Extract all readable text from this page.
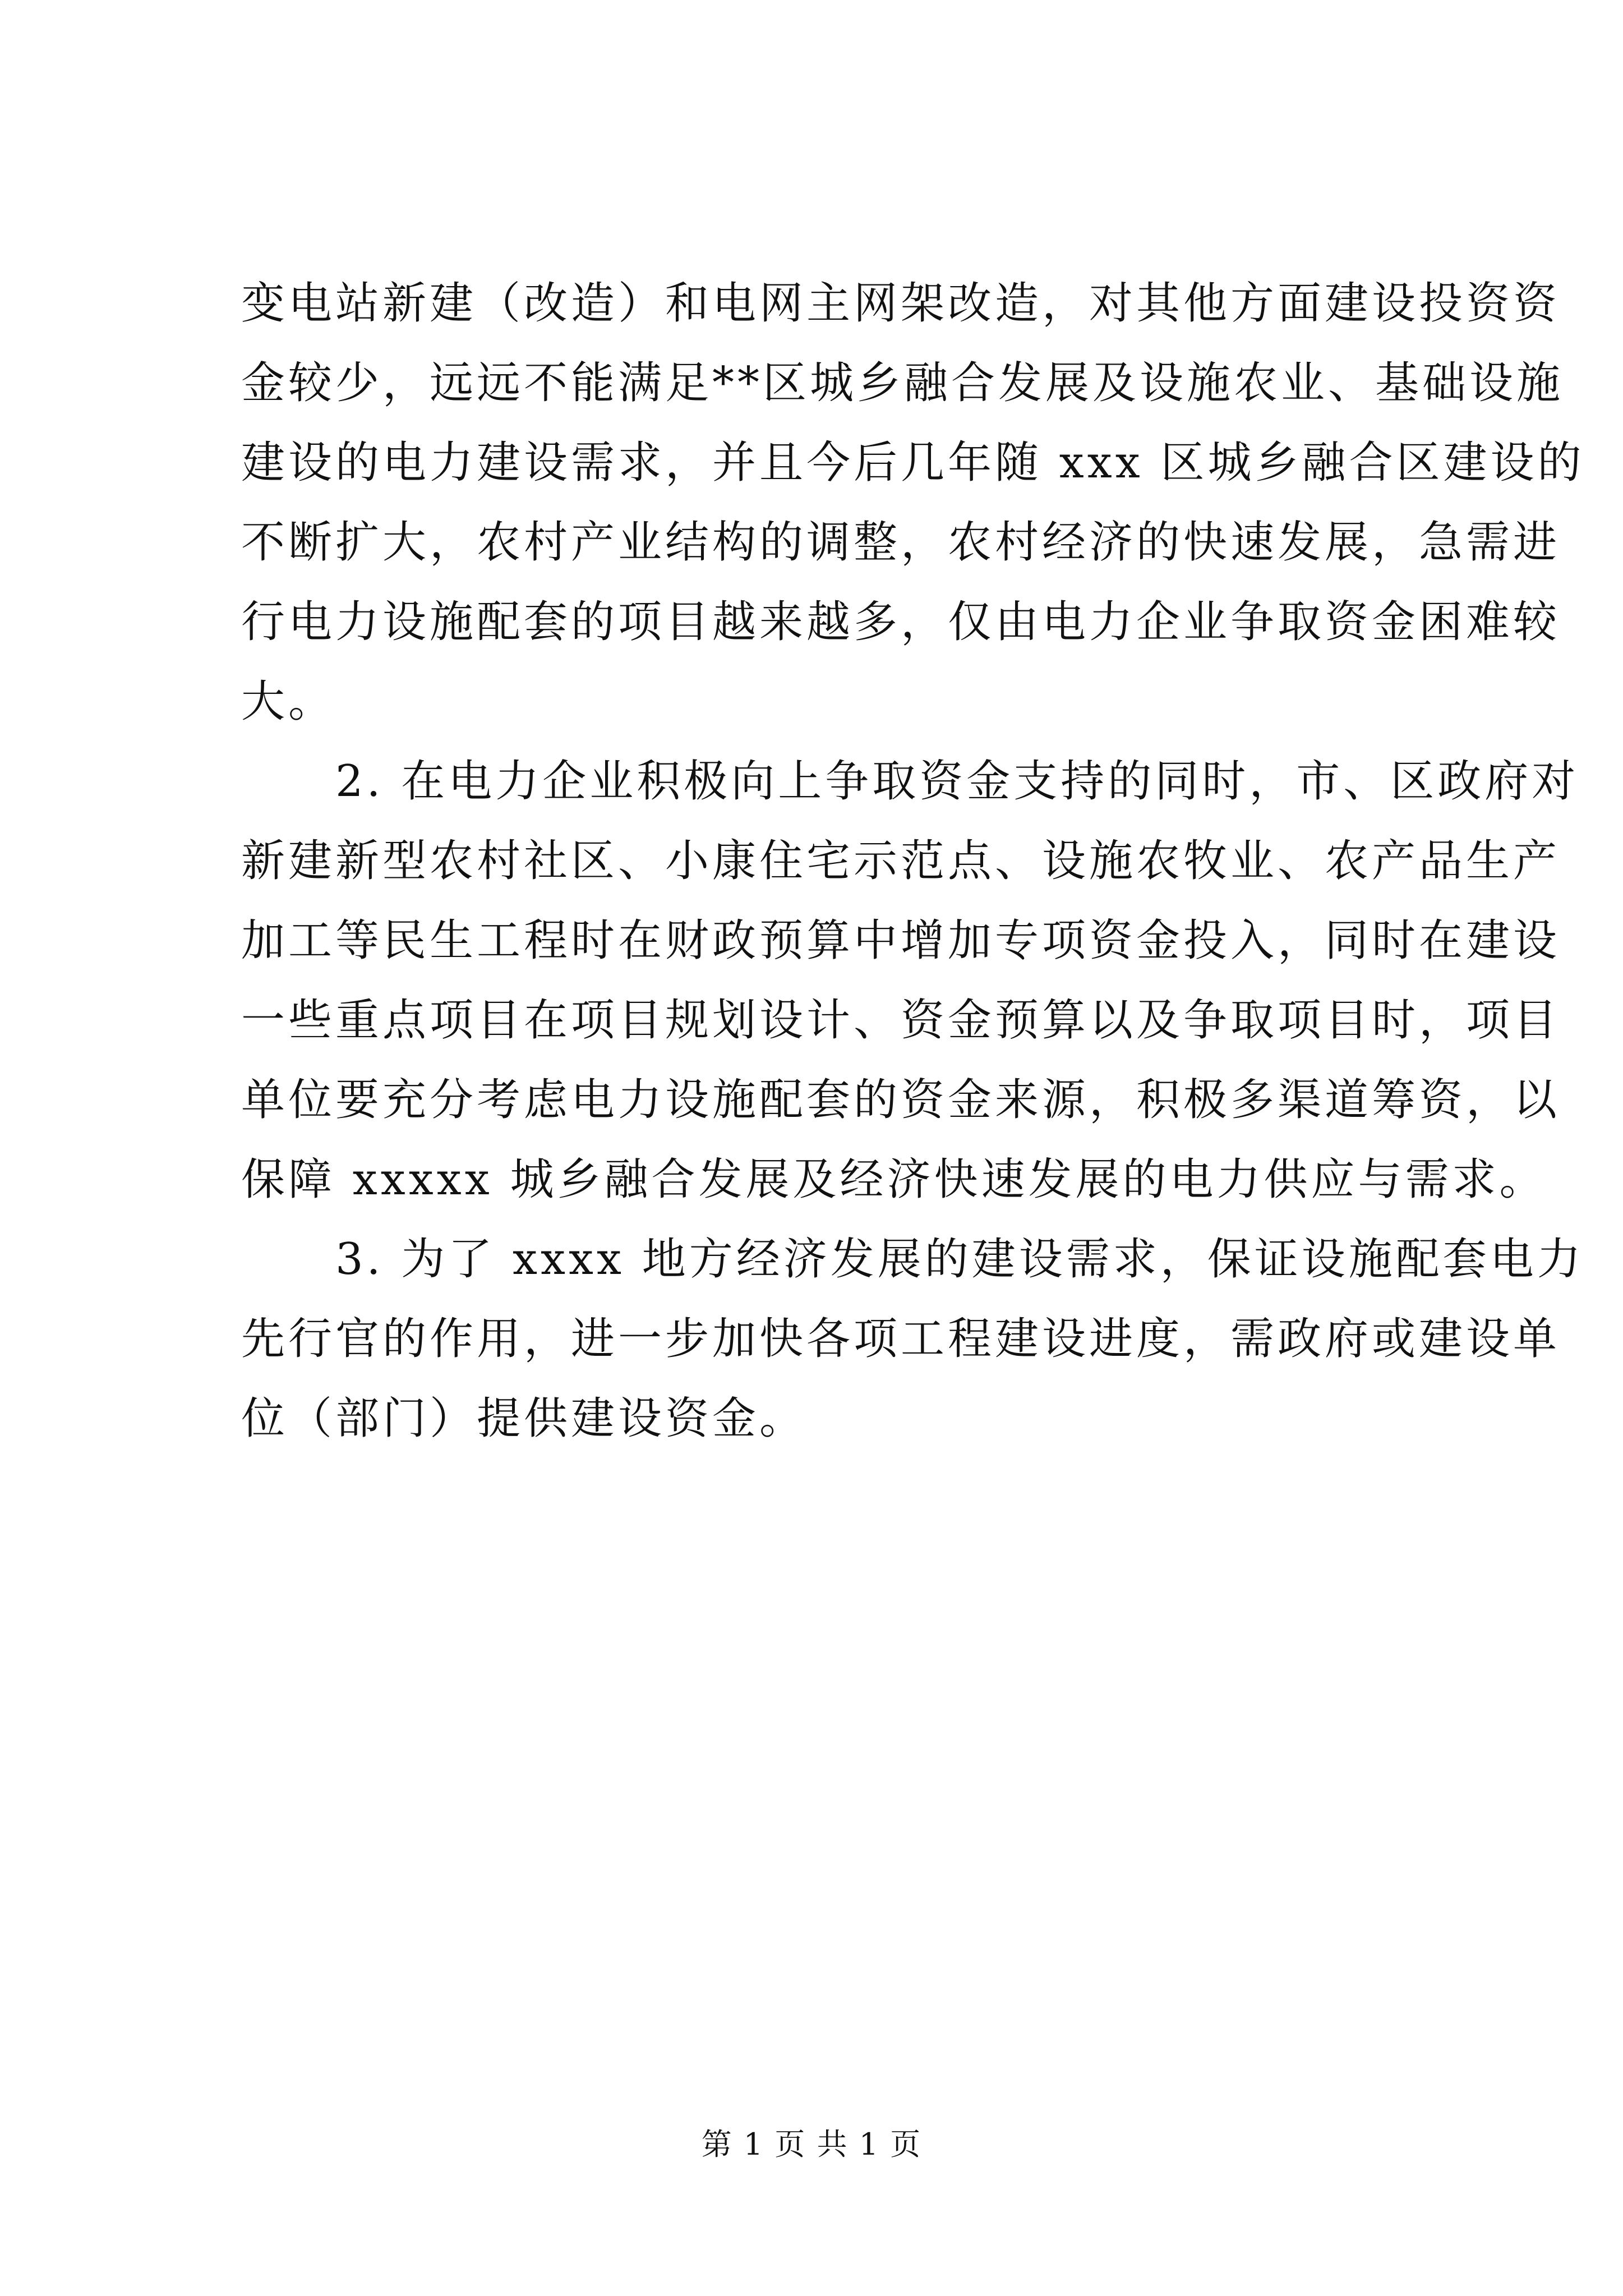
变电站新建（改造）和电网主网架改造，对其他方面建设投资资
金较少，远远不能满足**区城乡融合发展及设施农业、基础设施
建设的电力建设需求，并且今后几年随 xxx 区城乡融合区建设的
不断扩大，农村产业结构的调整，农村经济的快速发展，急需进
行电力设施配套的项目越来越多，仅由电力企业争取资金困难较
大。
2. 在电力企业积极向上争取资金支持的同时，市、区政府对
新建新型农村社区、小康住宅示范点、设施农牧业、农产品生产
加工等民生工程时在财政预算中增加专项资金投入，同时在建设
一些重点项目在项目规划设计、资金预算以及争取项目时，项目
单位要充分考虑电力设施配套的资金来源，积极多渠道筹资，以
保障 xxxxx 城乡融合发展及经济快速发展的电力供应与需求。
3. 为了 xxxx 地方经济发展的建设需求，保证设施配套电力
先行官的作用，进一步加快各项工程建设进度，需政府或建设单
位（部门）提供建设资金。
第 1 页 共 1 页
